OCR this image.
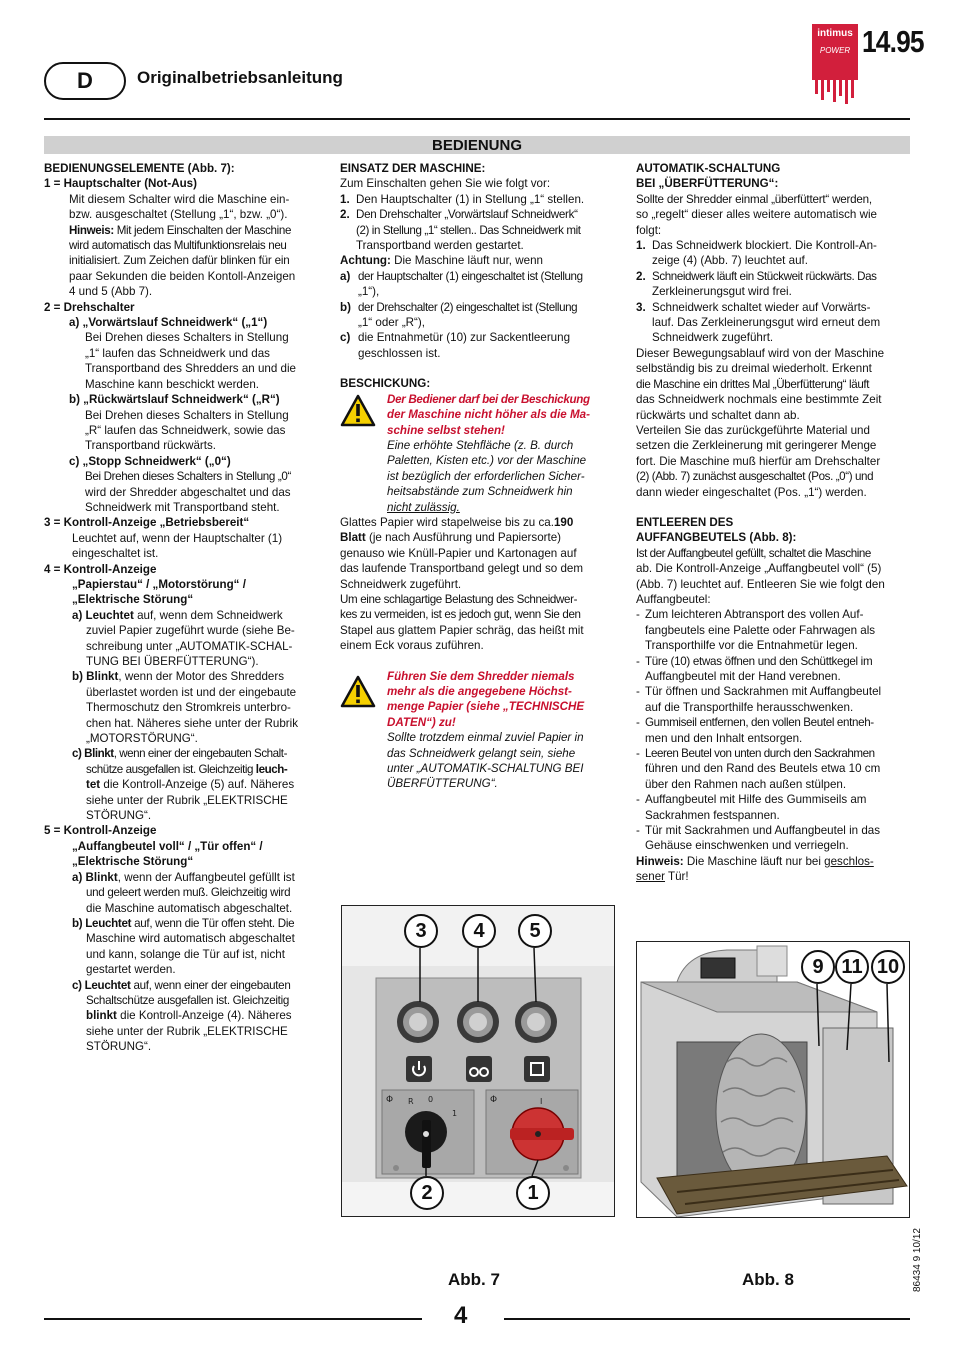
D	Originalbetriebsanleitung
intimus
POWER 14.95
BEDIENUNG

BEDIENUNGSELEMENTE (Abb. 7):

1 = Hauptschalter (Not-Aus)

Mit diesem Schalter wird die Maschine ein-

bzw. ausgeschaltet (Stellung „1“, bzw. „0“).

Hinweis: Mit jedem Einschalten der Maschine

wird automatisch das Multifunktionsrelais neu

initialisiert. Zum Zeichen dafür blinken für ein

paar Sekunden die beiden Kontoll-Anzeigen

4 und 5 (Abb 7).

2 = Drehschalter

a) „Vorwärtslauf Schneidwerk“ („1“)

Bei Drehen dieses Schalters in Stellung

„1“ laufen das Schneidwerk und das

Transportband des Shredders an und die

Maschine kann beschickt werden.

b) „Rückwärtslauf Schneidwerk“ („R“)

Bei Drehen dieses Schalters in Stellung

„R“ laufen das Schneidwerk, sowie das

Transportband rückwärts.

c) „Stopp Schneidwerk“ („0“)

Bei Drehen dieses Schalters in Stellung „0“

wird der Shredder abgeschaltet und das

Schneidwerk mit Transportband steht.

3 = Kontroll-Anzeige „Betriebsbereit“

Leuchtet auf, wenn der Hauptschalter (1)

eingeschaltet ist.

4 = Kontroll-Anzeige

„Papierstau“ / „Motorstörung“ /

„Elektrische Störung“

a) Leuchtet auf, wenn dem Schneidwerk

zuviel Papier zugeführt wurde (siehe Be-

schreibung unter „AUTOMATIK-SCHAL-

TUNG BEI ÜBERFÜTTERUNG“).

b) Blinkt, wenn der Motor des Shredders

überlastet worden ist und der eingebaute

Thermoschutz den Stromkreis unterbro-

chen hat. Näheres siehe unter der Rubrik

„MOTORSTÖRUNG“.

c) Blinkt, wenn einer der eingebauten Schalt-

schütze ausgefallen ist. Gleichzeitig leuch-

tet die Kontroll-Anzeige (5) auf. Näheres

siehe unter der Rubrik „ELEKTRISCHE

STÖRUNG“.

5 = Kontroll-Anzeige

„Auffangbeutel voll“ / „Tür offen“ /

„Elektrische Störung“

a) Blinkt, wenn der Auffangbeutel gefüllt ist

und geleert werden muß. Gleichzeitig wird

die Maschine automatisch abgeschaltet.

b) Leuchtet auf, wenn die Tür offen steht. Die

Maschine wird automatisch abgeschaltet

und kann, solange die Tür auf ist, nicht

gestartet werden.

c) Leuchtet auf, wenn einer der eingebauten

Schaltschütze ausgefallen ist. Gleichzeitig

blinkt die Kontroll-Anzeige (4). Näheres

siehe unter der Rubrik „ELEKTRISCHE

STÖRUNG“.

EINSATZ DER MASCHINE:

Zum Einschalten gehen Sie wie folgt vor:

1. Den Hauptschalter (1) in Stellung „1“ stellen.
2. Den Drehschalter „Vorwärtslauf Schneidwerk“

(2) in Stellung „1“ stellen.. Das Schneidwerk mit

Transportband werden gestartet.

Achtung: Die Maschine läuft nur, wenn

a) der Hauptschalter (1) eingeschaltet ist (Stellung

„1“),

b) der Drehschalter (2) eingeschaltet ist (Stellung

„1“ oder „R“),

c) die Entnahmetür (10) zur Sackentleerung

geschlossen ist.

BESCHICKUNG:

Der Bediener darf bei der Beschickung

der Maschine nicht höher als die Ma-

schine selbst stehen!

Eine erhöhte Stehfläche (z. B. durch

Paletten, Kisten etc.) vor der Maschine

ist bezüglich der erforderlichen Sicher-

heitsabstände zum Schneidwerk hin

nicht zulässig.

Glattes Papier wird stapelweise bis zu ca.190

Blatt (je nach Ausführung und Papiersorte)

genauso wie Knüll-Papier und Kartonagen auf

das laufende Transportband gelegt und so dem

Schneidwerk zugeführt.

Um eine schlagartige Belastung des Schneidwer-

kes zu vermeiden, ist es jedoch gut, wenn Sie den

Stapel aus glattem Papier schräg, das heißt mit

einem Eck voraus zuführen.

Führen Sie dem Shredder niemals

mehr als die angegebene Höchst-

menge Papier (siehe „TECHNISCHE

DATEN“) zu!

Sollte trotzdem einmal zuviel Papier in

das Schneidwerk gelangt sein, siehe

unter „AUTOMATIK-SCHALTUNG BEI

ÜBERFÜTTERUNG“.

AUTOMATIK-SCHALTUNG

BEI „ÜBERFÜTTERUNG“:

Sollte der Shredder einmal „überfüttert“ werden,

so „regelt“ dieser alles weitere automatisch wie

folgt:

1. Das Schneidwerk blockiert. Die Kontroll-An-

zeige (4) (Abb. 7) leuchtet auf.

2. Schneidwerk läuft ein Stückweit rückwärts. Das

Zerkleinerungsgut wird frei.

3. Schneidwerk schaltet wieder auf Vorwärts-

lauf. Das Zerkleinerungsgut wird erneut dem

Schneidwerk zugeführt.

Dieser Bewegungsablauf wird von der Maschine

selbständig bis zu dreimal wiederholt. Erkennt

die Maschine ein drittes Mal „Überfütterung“ läuft

das Schneidwerk nochmals eine bestimmte Zeit

rückwärts und schaltet dann ab.

Verteilen Sie das zurückgeführte Material und

setzen die Zerkleinerung mit geringerer Menge

fort. Die Maschine muß hierfür am Drehschalter

(2) (Abb. 7) zunächst ausgeschaltet (Pos. „0“) und

dann wieder eingeschaltet (Pos. „1“) werden.

ENTLEEREN DES

AUFFANGBEUTELS (Abb. 8):

Ist der Auffangbeutel gefüllt, schaltet die Maschine

ab. Die Kontroll-Anzeige „Auffangbeutel voll“ (5)

(Abb. 7) leuchtet auf. Entleeren Sie wie folgt den

Auffangbeutel:

- Zum leichteren Abtransport des vollen Auf-

fangbeutels eine Palette oder Fahrwagen als

Transporthilfe vor die Entnahmetür legen.

- Türe (10) etwas öffnen und den Schüttkegel im

Auffangbeutel mit der Hand verebnen.

- Tür öffnen und Sackrahmen mit Auffangbeutel

auf die Transporthilfe herausschwenken.

- Gummiseil entfernen, den vollen Beutel entneh-

men und den Inhalt entsorgen.

- Leeren Beutel von unten durch den Sackrahmen

führen und den Rand des Beutels etwa 10 cm

über den Rahmen nach außen stülpen.

- Auffangbeutel mit Hilfe des Gummiseils am

Sackrahmen festspannen.

- Tür mit Sackrahmen und Auffangbeutel in das

Gehäuse einschwenken und verriegeln.

Hinweis: Die Maschine läuft nur bei geschlos-

sener Tür!

Φ R 0
1
Φ	I
3 4 5
2	1
Abb. 7
9 11 10
Abb. 8	86434 9 10/12
4
